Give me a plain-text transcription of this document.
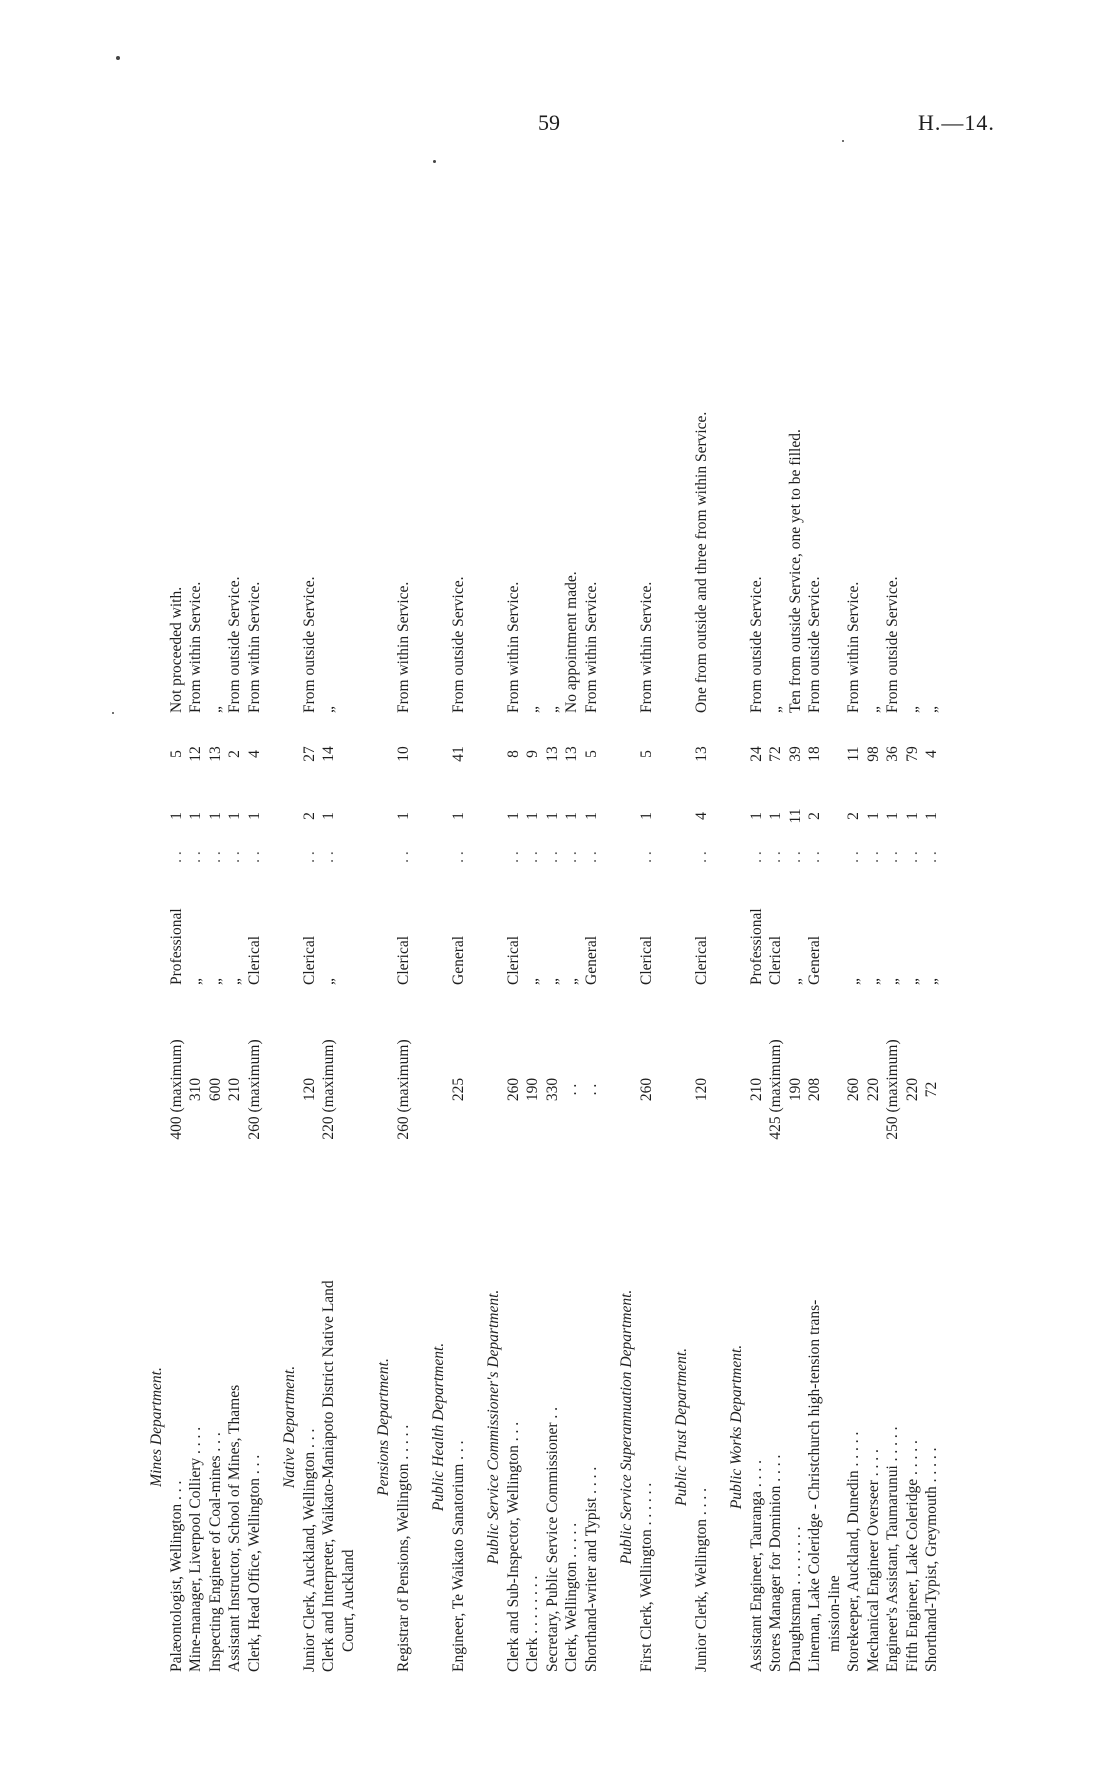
59	H.—14.
Mines Department.
Palæontologist, Wellington . . .
400 (maximum)
Professional
. .
1
5
Not proceeded with.
Mine-manager, Liverpool Colliery . . . .
310
„
. .
1
12
From within Service.
Inspecting Engineer of Coal-mines . . .
600
„
. .
1
13
„
Assistant Instructor, School of Mines, Thames
210
„
. .
1
2
From outside Service.
Clerk, Head Office, Wellington . . .
260 (maximum)
Clerical
. .
1
4
From within Service.
Native Department.
Junior Clerk, Auckland, Wellington . . .
120
Clerical
. .
2
27
From outside Service.
Clerk and Interpreter, Waikato-Maniapoto District Native Land Court, Auckland
220 (maximum)
„
. .
1
14
„
Pensions Department.
Registrar of Pensions, Wellington . . . . .
260 (maximum)
Clerical
. .
1
10
From within Service.
Public Health Department.
Engineer, Te Waikato Sanatorium . . .
225
General
. .
1
41
From outside Service.
Public Service Commissioner's Department. Clerk and Sub-Inspector, Wellington . . .
260
Clerical
. .
1
8
From within Service.
Clerk . . . . . . . .
190
„
. .
1
9
„
Secretary, Public Service Commissioner . .
330
„
. .
1
13
„
Clerk, Wellington . . . . .
. .
„
. .
1
13
No appointment made.
Shorthand-writer and Typist . . . .
. .
General
. .
1
5
From within Service.
Public Service Superannuation Department.
First Clerk, Wellington . . . . . .
260
Clerical
. .
1
5
From within Service.
Public Trust Department.
Junior Clerk, Wellington . . . .
120
Clerical
. .
4
13
One from outside and three from within Service.
Public Works Department.
Assistant Engineer, Tauranga . . . .
210
Professional
. .
1
24
From outside Service.
Stores Manager for Dominion . . . .
425 (maximum)
Clerical
. .
1
72
„
Draughtsman . . . . . . . .
190
„
. .
11
39
Ten from outside Service, one yet to be filled.
Lineman, Lake Coleridge - Christchurch high-tension trans- mission-line
208
General
. .
2
18
From outside Service.
Storekeeper, Auckland, Dunedin . . . . .
260
„
. .
2
11
From within Service.
Mechanical Engineer Overseer . . . .
220
„
. .
1
98
„
Engineer's Assistant, Taumarunui . . . . .
250 (maximum)
„
. .
1
36
From outside Service.
Fifth Engineer, Lake Coleridge . . . . .
220
„
. .
1
79
„
Shorthand-Typist, Greymouth . . . . .
72
„
. .
1
4
„
